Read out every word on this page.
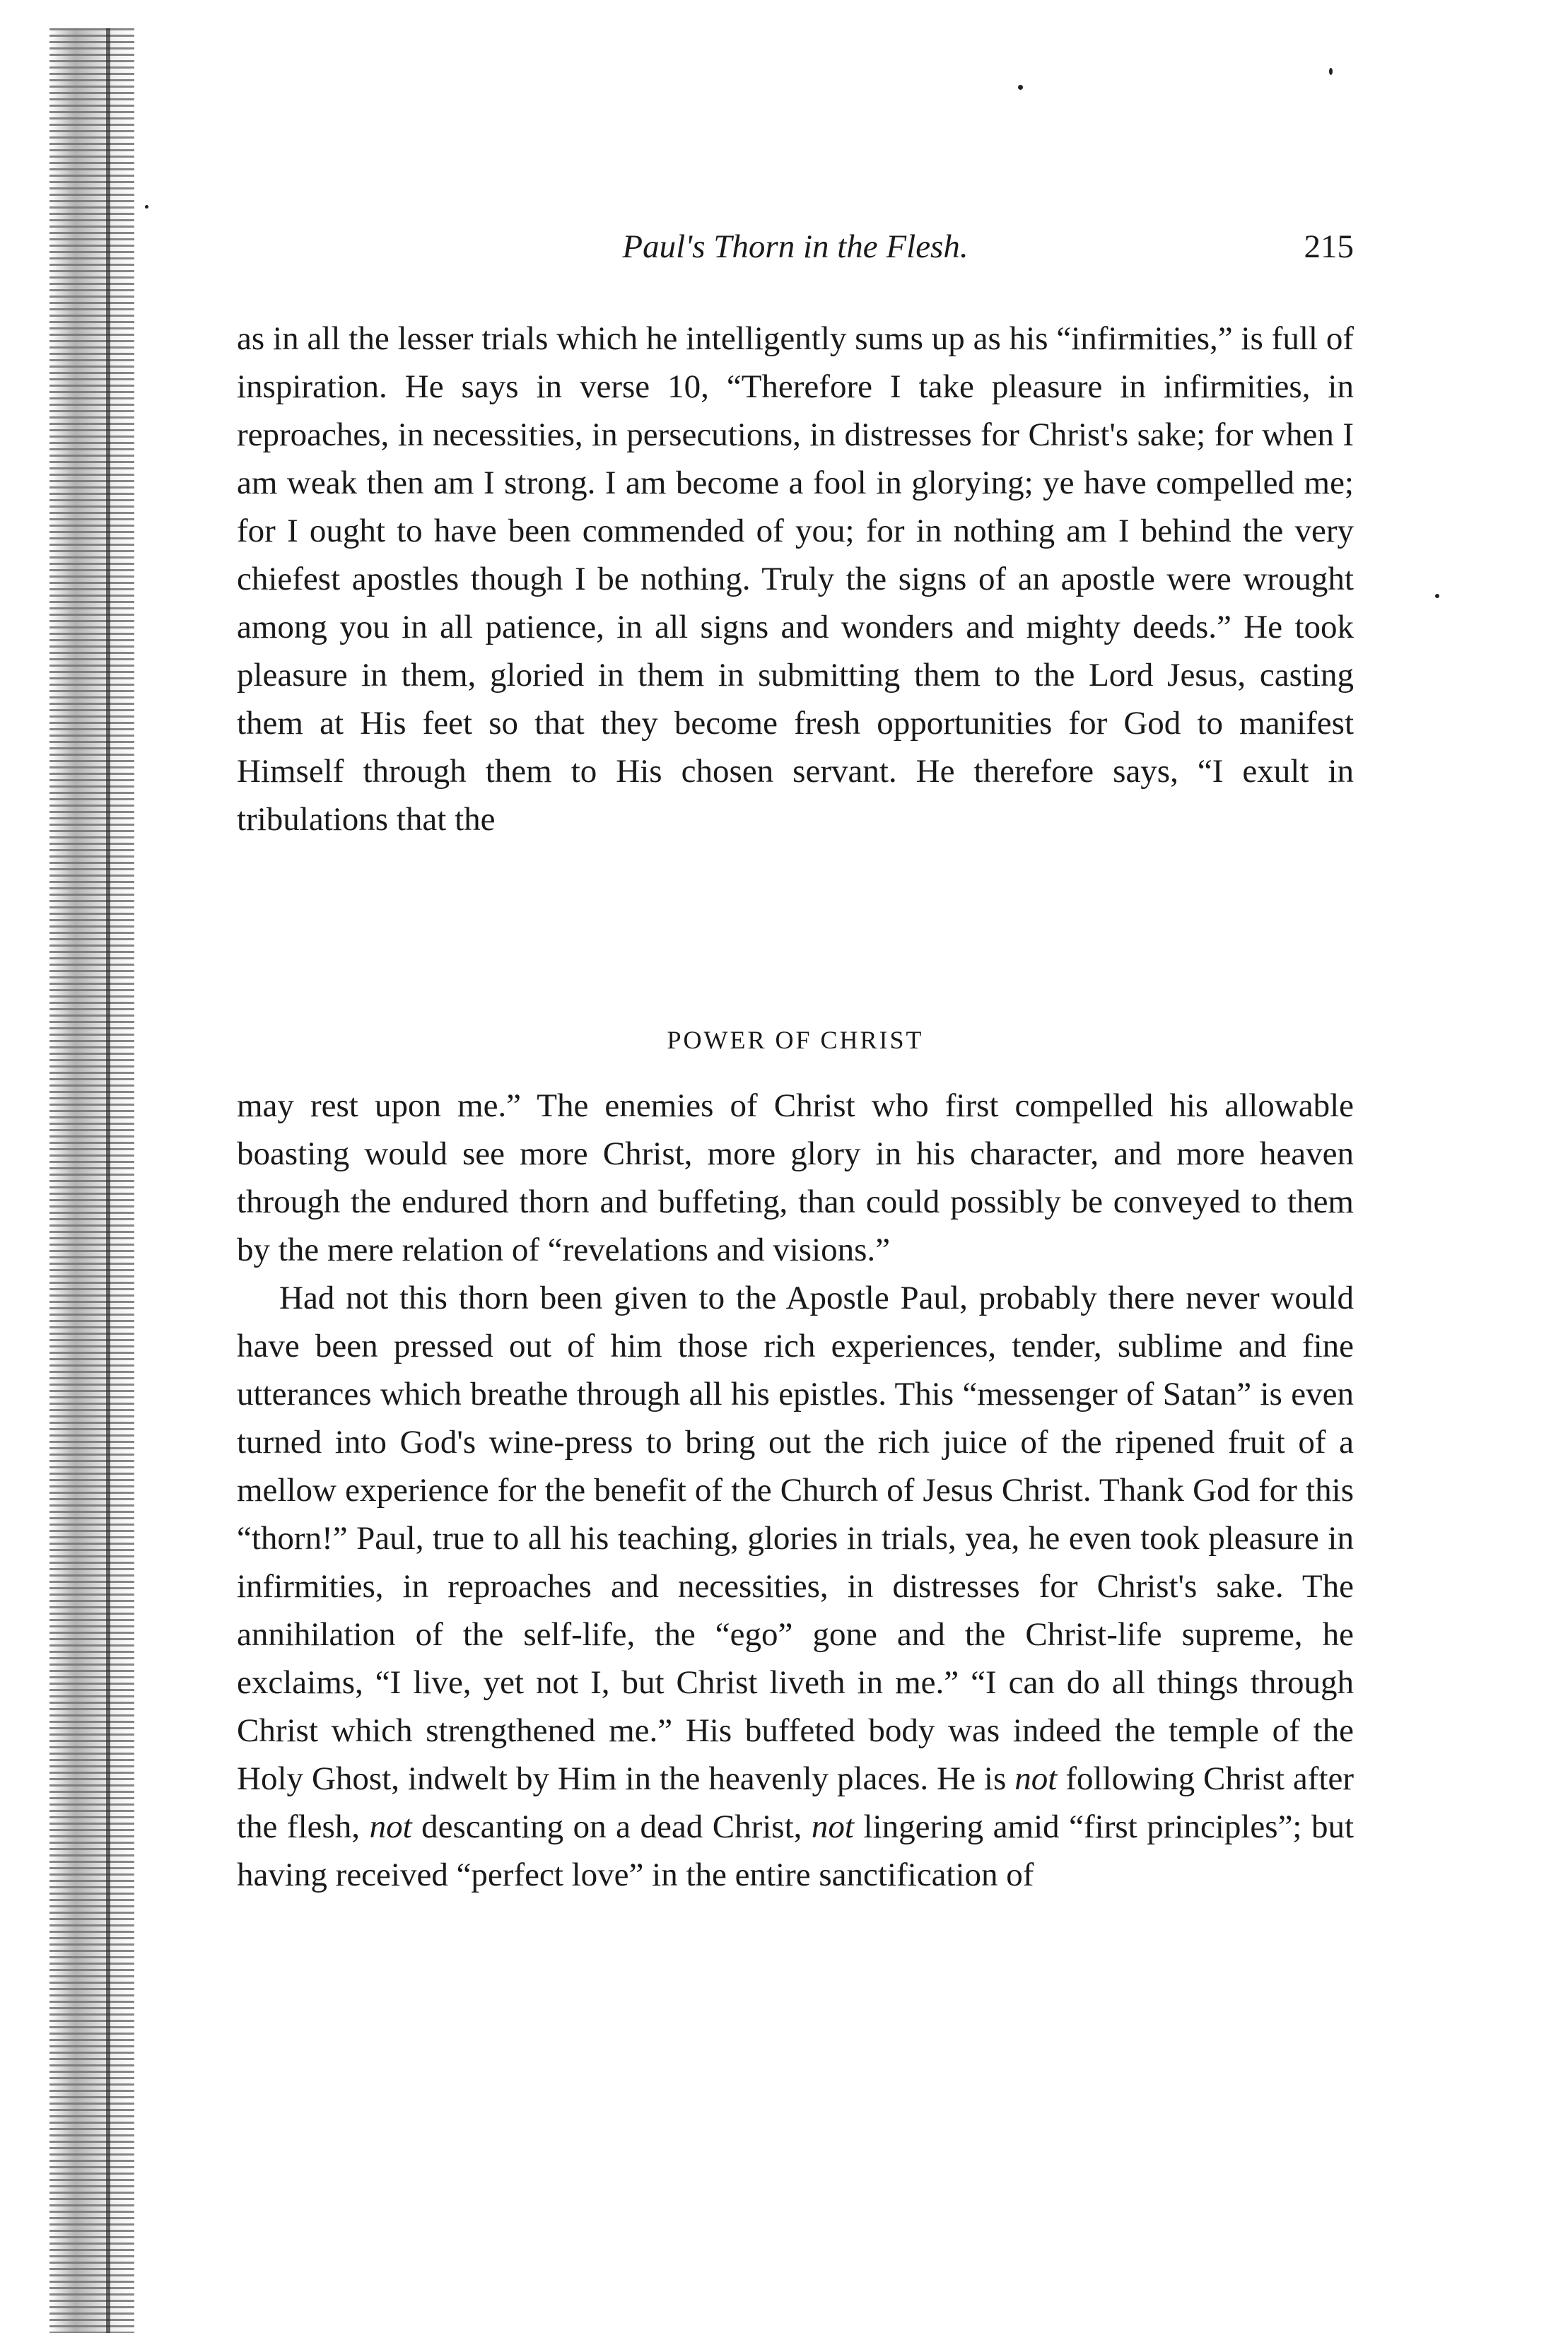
Paul's Thorn in the Flesh.	215

as in all the lesser trials which he intelligently sums up as his “infirmities,” is full of inspiration. He says in verse 10, “Therefore I take pleasure in infirmities, in reproaches, in necessities, in persecutions, in distresses for Christ's sake; for when I am weak then am I strong. I am become a fool in glorying; ye have compelled me; for I ought to have been commended of you; for in nothing am I behind the very chiefest apostles though I be nothing. Truly the signs of an apostle were wrought among you in all patience, in all signs and wonders and mighty deeds.” He took pleasure in them, gloried in them in submitting them to the Lord Jesus, casting them at His feet so that they become fresh opportunities for God to manifest Himself through them to His chosen servant. He therefore says, “I exult in tribulations that the

POWER OF CHRIST

may rest upon me.” The enemies of Christ who first compelled his allowable boasting would see more Christ, more glory in his character, and more heaven through the endured thorn and buffeting, than could possibly be conveyed to them by the mere relation of “revelations and visions.”

Had not this thorn been given to the Apostle Paul, probably there never would have been pressed out of him those rich experiences, tender, sublime and fine utterances which breathe through all his epistles. This “messenger of Satan” is even turned into God's wine-press to bring out the rich juice of the ripened fruit of a mellow experience for the benefit of the Church of Jesus Christ. Thank God for this “thorn!” Paul, true to all his teaching, glories in trials, yea, he even took pleasure in infirmities, in reproaches and necessities, in distresses for Christ's sake. The annihilation of the self-life, the “ego” gone and the Christ-life supreme, he exclaims, “I live, yet not I, but Christ liveth in me.” “I can do all things through Christ which strengthened me.” His buffeted body was indeed the temple of the Holy Ghost, indwelt by Him in the heavenly places. He is not following Christ after the flesh, not descanting on a dead Christ, not lingering amid “first principles”; but having received “perfect love” in the entire sanctification of
